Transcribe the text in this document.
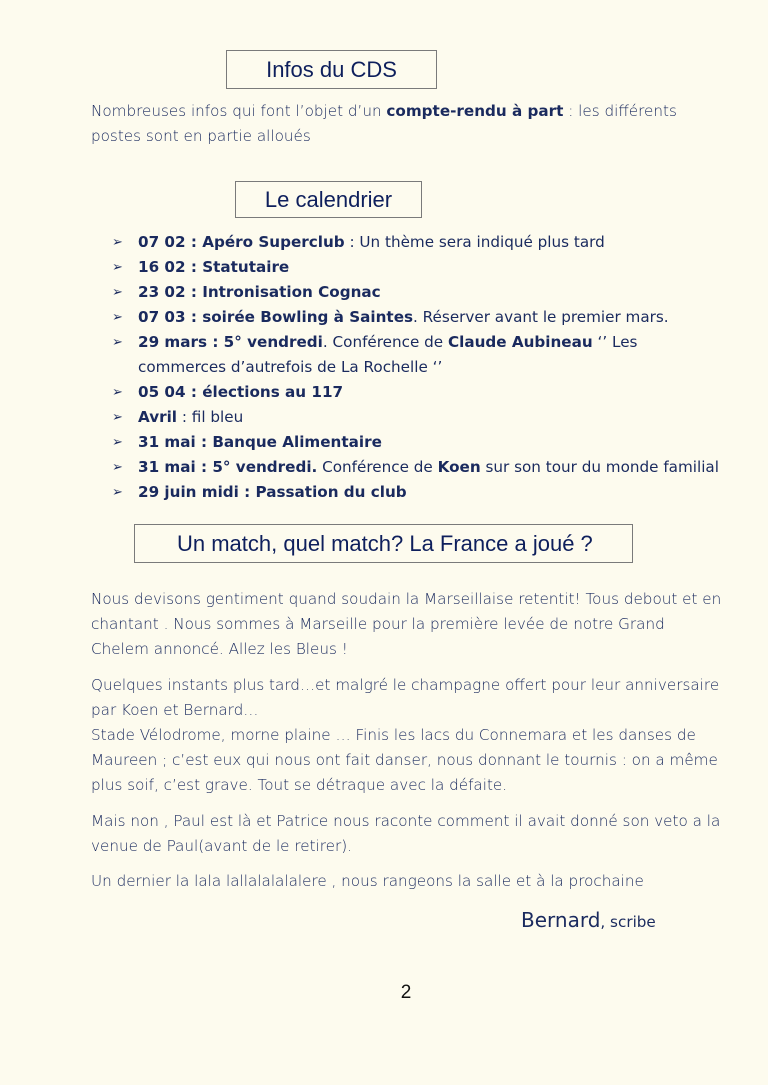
Infos du CDS
Nombreuses infos qui font l’objet d’un compte-rendu à part : les différents postes sont en partie alloués
Le calendrier
➢ 07 02 : Apéro Superclub : Un thème sera indiqué plus tard
➢ 16 02 : Statutaire
➢ 23 02 : Intronisation Cognac
➢ 07 03 : soirée Bowling à Saintes. Réserver avant le premier mars.
➢ 29 mars : 5° vendredi. Conférence de Claude Aubineau ‘’ Les commerces d’autrefois de La Rochelle ‘’
➢ 05 04 : élections au 117
➢ Avril : fil bleu
➢ 31 mai : Banque Alimentaire
➢ 31 mai : 5° vendredi. Conférence de Koen sur son tour du monde familial
➢ 29 juin midi : Passation du club
Un match, quel match? La France a joué ?
Nous devisons gentiment quand soudain la Marseillaise retentit! Tous debout et en chantant . Nous sommes à Marseille pour la première levée de notre Grand Chelem annoncé. Allez les Bleus !
Quelques instants plus tard…et malgré le champagne offert pour leur anniversaire par Koen et Bernard…
Stade Vélodrome, morne plaine … Finis les lacs du Connemara et les danses de Maureen ; c’est eux qui nous ont fait danser, nous donnant le tournis : on a même plus soif, c’est grave. Tout se détraque avec la défaite.
Mais non , Paul est là et Patrice nous raconte comment il avait donné son veto a la venue de Paul(avant de le retirer).
Un dernier la lala lallalalalalere , nous rangeons la salle et à la prochaine
Bernard, scribe
2
